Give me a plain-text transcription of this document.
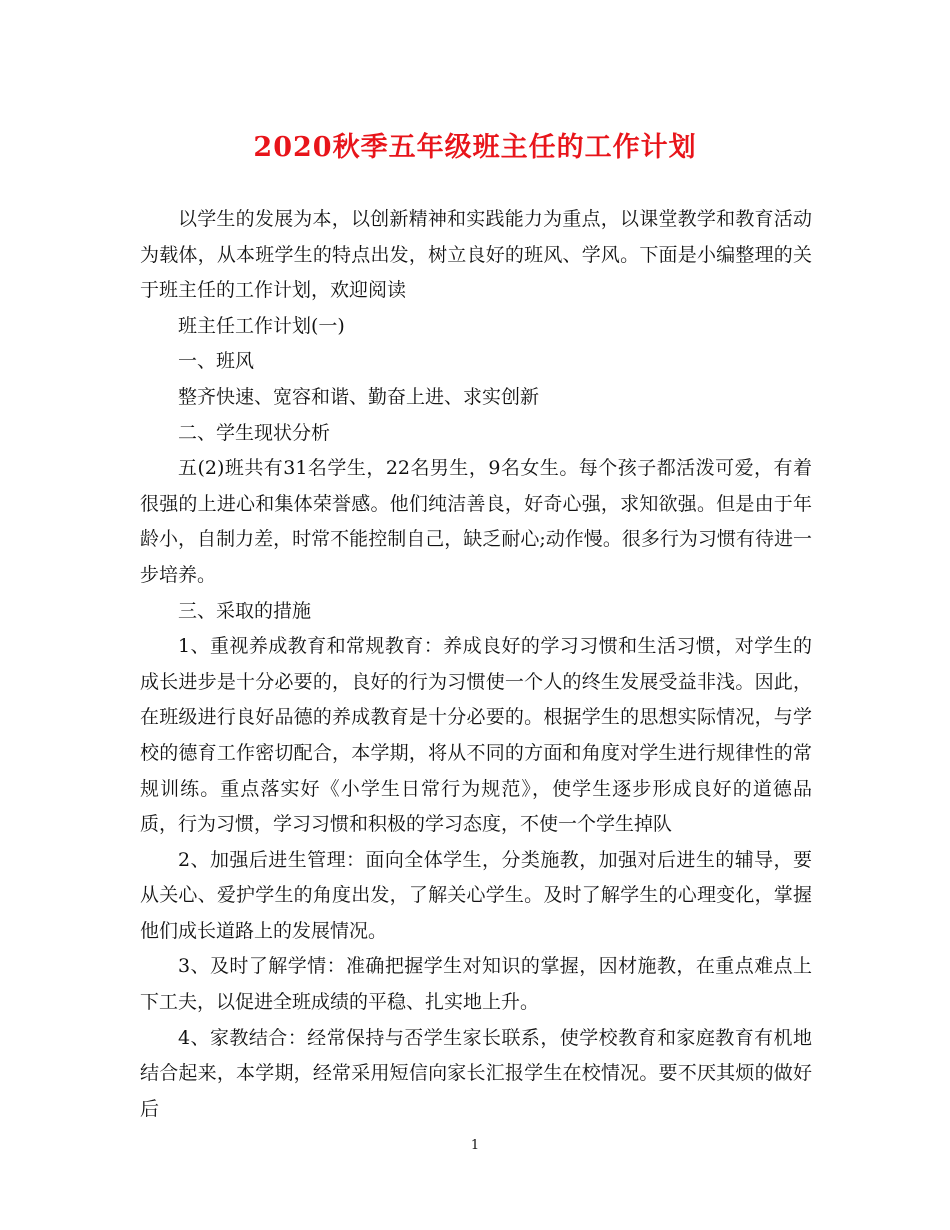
2020秋季五年级班主任的工作计划

以学生的发展为本，以创新精神和实践能力为重点，以课堂教学和教育活动为载体，从本班学生的特点出发，树立良好的班风、学风。下面是小编整理的关于班主任的工作计划，欢迎阅读

班主任工作计划(一)

一、班风

整齐快速、宽容和谐、勤奋上进、求实创新

二、学生现状分析

五(2)班共有31名学生，22名男生，9名女生。每个孩子都活泼可爱，有着很强的上进心和集体荣誉感。他们纯洁善良，好奇心强，求知欲强。但是由于年龄小，自制力差，时常不能控制自己，缺乏耐心;动作慢。很多行为习惯有待进一步培养。

三、采取的措施

1、重视养成教育和常规教育：养成良好的学习习惯和生活习惯，对学生的成长进步是十分必要的，良好的行为习惯使一个人的终生发展受益非浅。因此，在班级进行良好品德的养成教育是十分必要的。根据学生的思想实际情况，与学校的德育工作密切配合，本学期，将从不同的方面和角度对学生进行规律性的常规训练。重点落实好《小学生日常行为规范》，使学生逐步形成良好的道德品质，行为习惯，学习习惯和积极的学习态度，不使一个学生掉队

2、加强后进生管理：面向全体学生，分类施教，加强对后进生的辅导，要从关心、爱护学生的角度出发，了解关心学生。及时了解学生的心理变化，掌握他们成长道路上的发展情况。

3、及时了解学情：准确把握学生对知识的掌握，因材施教，在重点难点上下工夫，以促进全班成绩的平稳、扎实地上升。

4、家教结合：经常保持与否学生家长联系，使学校教育和家庭教育有机地结合起来，本学期，经常采用短信向家长汇报学生在校情况。要不厌其烦的做好后

1
